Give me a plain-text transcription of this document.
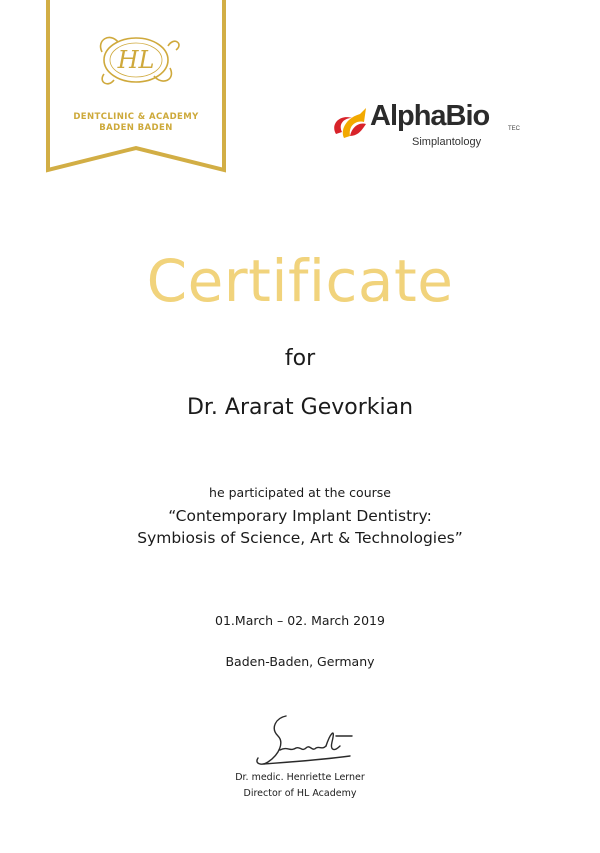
HL
DENTCLINIC & ACADEMY
BADEN BADEN	AlphaBio	TEC
Simplantology
Certificate
for
Dr. Ararat Gevorkian
he participated at the course
“Contemporary Implant Dentistry:
Symbiosis of Science, Art & Technologies”
01.March – 02. March 2019
Baden-Baden, Germany
Dr. medic. Henriette Lerner
Director of HL Academy
